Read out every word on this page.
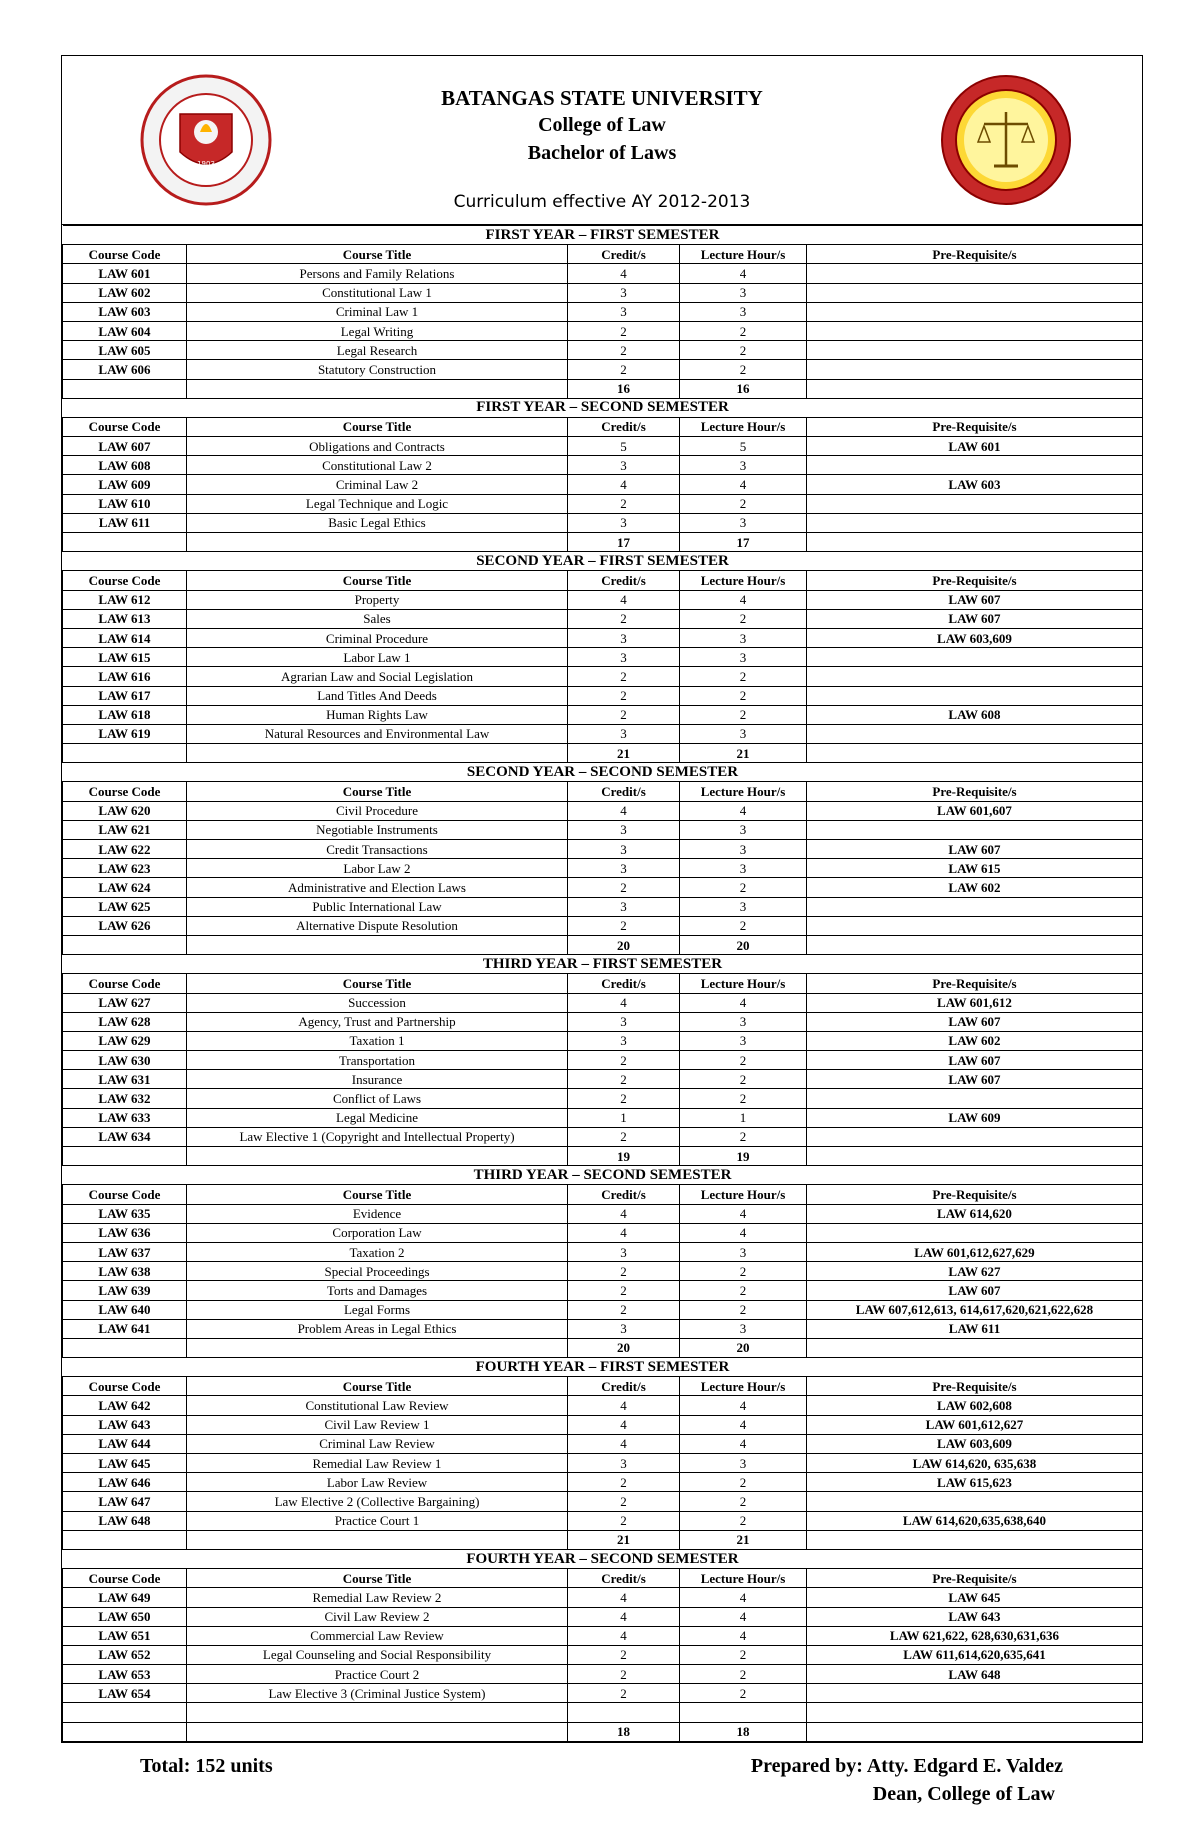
1903
BATANGAS STATE UNIVERSITY
College of Law
Bachelor of Laws
Curriculum effective AY 2012-2013
FIRST YEAR – FIRST SEMESTER				
Course Code	Course Title	Credit/s	Lecture Hour/s	Pre-Requisite/s
LAW 601	Persons and Family Relations	4	4	
LAW 602	Constitutional Law 1	3	3	
LAW 603	Criminal Law 1	3	3	
LAW 604	Legal Writing	2	2	
LAW 605	Legal Research	2	2	
LAW 606	Statutory Construction	2	2	
		16	16	
FIRST YEAR – SECOND SEMESTER				
Course Code	Course Title	Credit/s	Lecture Hour/s	Pre-Requisite/s
LAW 607	Obligations and Contracts	5	5	LAW 601
LAW 608	Constitutional Law 2	3	3	
LAW 609	Criminal Law 2	4	4	LAW 603
LAW 610	Legal Technique and Logic	2	2	
LAW 611	Basic Legal Ethics	3	3	
		17	17	
SECOND YEAR – FIRST SEMESTER				
Course Code	Course Title	Credit/s	Lecture Hour/s	Pre-Requisite/s
LAW 612	Property	4	4	LAW 607
LAW 613	Sales	2	2	LAW 607
LAW 614	Criminal Procedure	3	3	LAW 603,609
LAW 615	Labor Law 1	3	3	
LAW 616	Agrarian Law and Social Legislation	2	2	
LAW 617	Land Titles And Deeds	2	2	
LAW 618	Human Rights Law	2	2	LAW 608
LAW 619	Natural Resources and Environmental Law	3	3	
		21	21	
SECOND YEAR – SECOND SEMESTER				
Course Code	Course Title	Credit/s	Lecture Hour/s	Pre-Requisite/s
LAW 620	Civil Procedure	4	4	LAW 601,607
LAW 621	Negotiable Instruments	3	3	
LAW 622	Credit Transactions	3	3	LAW 607
LAW 623	Labor Law 2	3	3	LAW 615
LAW 624	Administrative and Election Laws	2	2	LAW 602
LAW 625	Public International Law	3	3	
LAW 626	Alternative Dispute Resolution	2	2	
		20	20	
THIRD YEAR – FIRST SEMESTER				
Course Code	Course Title	Credit/s	Lecture Hour/s	Pre-Requisite/s
LAW 627	Succession	4	4	LAW 601,612
LAW 628	Agency, Trust and Partnership	3	3	LAW 607
LAW 629	Taxation 1	3	3	LAW 602
LAW 630	Transportation	2	2	LAW 607
LAW 631	Insurance	2	2	LAW 607
LAW 632	Conflict of Laws	2	2	
LAW 633	Legal Medicine	1	1	LAW 609
LAW 634	Law Elective 1 (Copyright and Intellectual Property)	2	2	
		19	19	
THIRD YEAR – SECOND SEMESTER				
Course Code	Course Title	Credit/s	Lecture Hour/s	Pre-Requisite/s
LAW 635	Evidence	4	4	LAW 614,620
LAW 636	Corporation Law	4	4	
LAW 637	Taxation 2	3	3	LAW 601,612,627,629
LAW 638	Special Proceedings	2	2	LAW 627
LAW 639	Torts and Damages	2	2	LAW 607
LAW 640	Legal Forms	2	2	LAW 607,612,613, 614,617,620,621,622,628
LAW 641	Problem Areas in Legal Ethics	3	3	LAW 611
		20	20	
FOURTH YEAR – FIRST SEMESTER				
Course Code	Course Title	Credit/s	Lecture Hour/s	Pre-Requisite/s
LAW 642	Constitutional Law Review	4	4	LAW 602,608
LAW 643	Civil Law Review 1	4	4	LAW 601,612,627
LAW 644	Criminal Law Review	4	4	LAW 603,609
LAW 645	Remedial Law Review 1	3	3	LAW 614,620, 635,638
LAW 646	Labor Law Review	2	2	LAW 615,623
LAW 647	Law Elective 2 (Collective Bargaining)	2	2	
LAW 648	Practice Court 1	2	2	LAW 614,620,635,638,640
		21	21	
FOURTH YEAR – SECOND SEMESTER				
Course Code	Course Title	Credit/s	Lecture Hour/s	Pre-Requisite/s
LAW 649	Remedial Law Review 2	4	4	LAW 645
LAW 650	Civil Law Review 2	4	4	LAW 643
LAW 651	Commercial Law Review	4	4	LAW 621,622, 628,630,631,636
LAW 652	Legal Counseling and Social Responsibility	2	2	LAW 611,614,620,635,641
LAW 653	Practice Court 2	2	2	LAW 648
LAW 654	Law Elective 3 (Criminal Justice System)	2	2	

		18	18	
Total: 152 units	Prepared by: Atty. Edgard E. Valdez
Dean, College of Law
